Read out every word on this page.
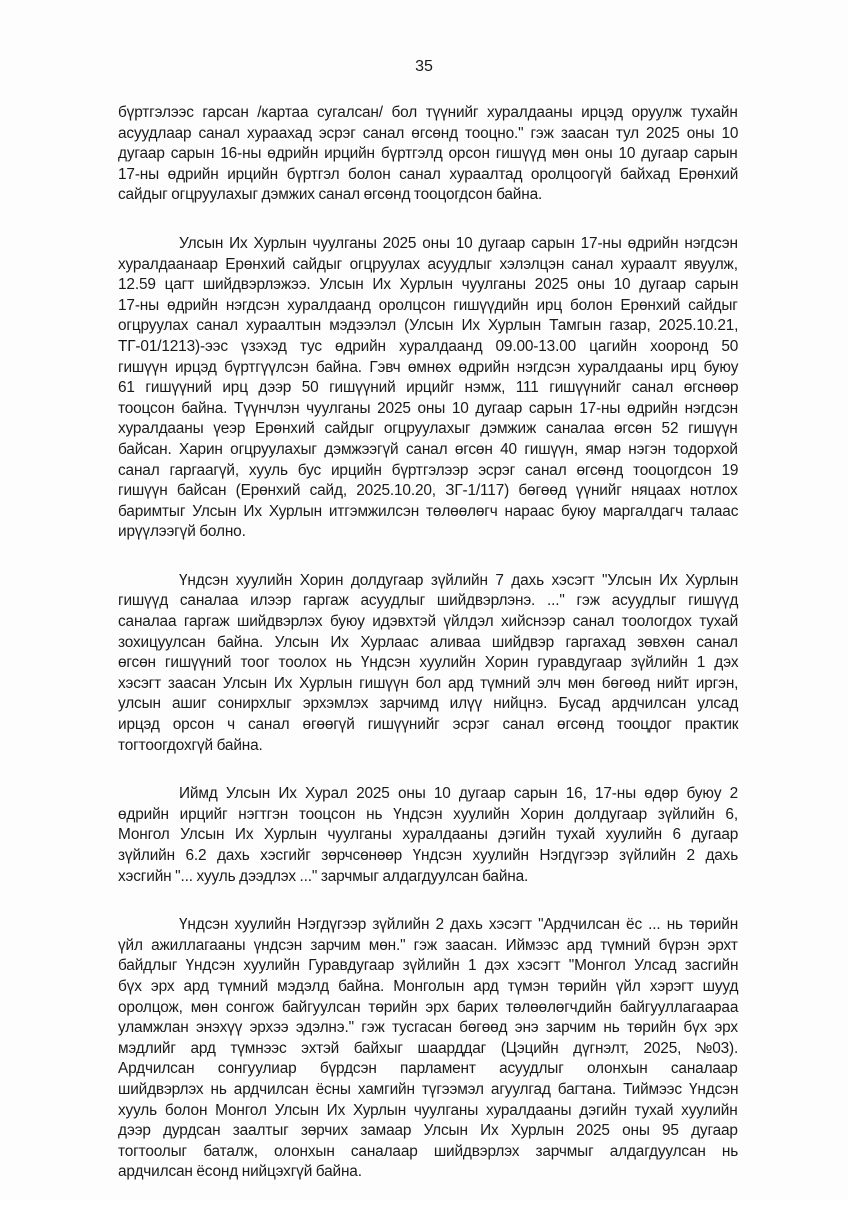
35
бүртгэлээс гарсан /картаа сугалсан/ бол түүнийг хуралдааны ирцэд оруулж тухайн
асуудлаар санал хураахад эсрэг санал өгсөнд тооцно." гэж заасан тул 2025 оны 10
дугаар сарын 16-ны өдрийн ирцийн бүртгэлд орсон гишүүд мөн оны 10 дугаар сарын
17-ны өдрийн ирцийн бүртгэл болон санал хураалтад оролцоогүй байхад Ерөнхий
сайдыг огцруулахыг дэмжих санал өгсөнд тооцогдсон байна.
Улсын Их Хурлын чуулганы 2025 оны 10 дугаар сарын 17-ны өдрийн нэгдсэн
хуралдаанаар Ерөнхий сайдыг огцруулах асуудлыг хэлэлцэн санал хураалт явуулж,
12.59 цагт шийдвэрлэжээ. Улсын Их Хурлын чуулганы 2025 оны 10 дугаар сарын
17-ны өдрийн нэгдсэн хуралдаанд оролцсон гишүүдийн ирц болон Ерөнхий сайдыг
огцруулах санал хураалтын мэдээлэл (Улсын Их Хурлын Тамгын газар, 2025.10.21,
ТГ-01/1213)-ээс үзэхэд тус өдрийн хуралдаанд 09.00-13.00 цагийн хооронд 50
гишүүн ирцэд бүртгүүлсэн байна. Гэвч өмнөх өдрийн нэгдсэн хуралдааны ирц буюу
61 гишүүний ирц дээр 50 гишүүний ирцийг нэмж, 111 гишүүнийг санал өгснөөр
тооцсон байна. Түүнчлэн чуулганы 2025 оны 10 дугаар сарын 17-ны өдрийн нэгдсэн
хуралдааны үеэр Ерөнхий сайдыг огцруулахыг дэмжиж саналаа өгсөн 52 гишүүн
байсан. Харин огцруулахыг дэмжээгүй санал өгсөн 40 гишүүн, ямар нэгэн тодорхой
санал гаргаагүй, хууль бус ирцийн бүртгэлээр эсрэг санал өгсөнд тооцогдсон 19
гишүүн байсан (Ерөнхий сайд, 2025.10.20, ЗГ-1/117) бөгөөд үүнийг няцаах нотлох
баримтыг Улсын Их Хурлын итгэмжилсэн төлөөлөгч нараас буюу маргалдагч талаас
ирүүлээгүй болно.
Үндсэн хуулийн Хорин долдугаар зүйлийн 7 дахь хэсэгт "Улсын Их Хурлын
гишүүд саналаа илээр гаргаж асуудлыг шийдвэрлэнэ. ..." гэж асуудлыг гишүүд
саналаа гаргаж шийдвэрлэх буюу идэвхтэй үйлдэл хийснээр санал тоологдох тухай
зохицуулсан байна. Улсын Их Хурлаас аливаа шийдвэр гаргахад зөвхөн санал
өгсөн гишүүний тоог тоолох нь Үндсэн хуулийн Хорин гуравдугаар зүйлийн 1 дэх
хэсэгт заасан Улсын Их Хурлын гишүүн бол ард түмний элч мөн бөгөөд нийт иргэн,
улсын ашиг сонирхлыг эрхэмлэх зарчимд илүү нийцнэ. Бусад ардчилсан улсад
ирцэд орсон ч санал өгөөгүй гишүүнийг эсрэг санал өгсөнд тооцдог практик
тогтоогдохгүй байна.
Иймд Улсын Их Хурал 2025 оны 10 дугаар сарын 16, 17-ны өдөр буюу 2
өдрийн ирцийг нэгтгэн тооцсон нь Үндсэн хуулийн Хорин долдугаар зүйлийн 6,
Монгол Улсын Их Хурлын чуулганы хуралдааны дэгийн тухай хуулийн 6 дугаар
зүйлийн 6.2 дахь хэсгийг зөрчсөнөөр Үндсэн хуулийн Нэгдүгээр зүйлийн 2 дахь
хэсгийн "... хууль дээдлэх ..." зарчмыг алдагдуулсан байна.
Үндсэн хуулийн Нэгдүгээр зүйлийн 2 дахь хэсэгт "Ардчилсан ёс ... нь төрийн
үйл ажиллагааны үндсэн зарчим мөн." гэж заасан. Иймээс ард түмний бүрэн эрхт
байдлыг Үндсэн хуулийн Гуравдугаар зүйлийн 1 дэх хэсэгт "Монгол Улсад засгийн
бүх эрх ард түмний мэдэлд байна. Монголын ард түмэн төрийн үйл хэрэгт шууд
оролцож, мөн сонгож байгуулсан төрийн эрх барих төлөөлөгчдийн байгууллагаараа
уламжлан энэхүү эрхээ эдэлнэ." гэж тусгасан бөгөөд энэ зарчим нь төрийн бүх эрх
мэдлийг ард түмнээс эхтэй байхыг шаарддаг (Цэцийн дүгнэлт, 2025, №03).
Ардчилсан сонгуулиар бүрдсэн парламент асуудлыг олонхын саналаар
шийдвэрлэх нь ардчилсан ёсны хамгийн түгээмэл агуулгад багтана. Тиймээс Үндсэн
хууль болон Монгол Улсын Их Хурлын чуулганы хуралдааны дэгийн тухай хуулийн
дээр дурдсан заалтыг зөрчих замаар Улсын Их Хурлын 2025 оны 95 дугаар
тогтоолыг баталж, олонхын саналаар шийдвэрлэх зарчмыг алдагдуулсан нь
ардчилсан ёсонд нийцэхгүй байна.
